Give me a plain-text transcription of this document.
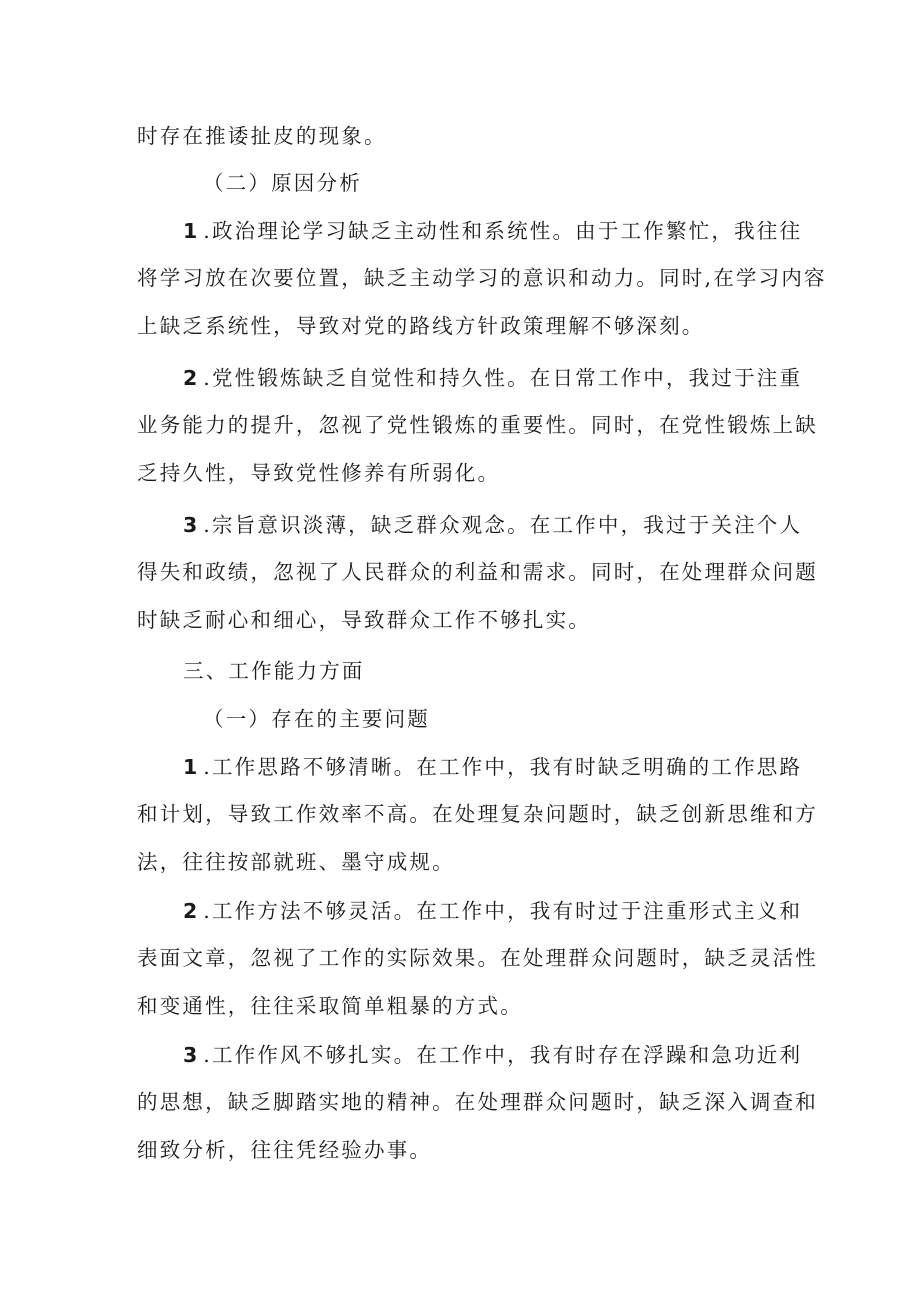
时存在推诿扯皮的现象。
（二）原因分析
1 .政治理论学习缺乏主动性和系统性。由于工作繁忙，我往往
将学习放在次要位置，缺乏主动学习的意识和动力。同时,在学习内容
上缺乏系统性，导致对党的路线方针政策理解不够深刻。
2 .党性锻炼缺乏自觉性和持久性。在日常工作中，我过于注重
业务能力的提升，忽视了党性锻炼的重要性。同时，在党性锻炼上缺
乏持久性，导致党性修养有所弱化。
3 .宗旨意识淡薄，缺乏群众观念。在工作中，我过于关注个人
得失和政绩，忽视了人民群众的利益和需求。同时，在处理群众问题
时缺乏耐心和细心，导致群众工作不够扎实。
三、工作能力方面
（一）存在的主要问题
1 .工作思路不够清晰。在工作中，我有时缺乏明确的工作思路
和计划，导致工作效率不高。在处理复杂问题时，缺乏创新思维和方
法，往往按部就班、墨守成规。
2 .工作方法不够灵活。在工作中，我有时过于注重形式主义和
表面文章，忽视了工作的实际效果。在处理群众问题时，缺乏灵活性
和变通性，往往采取简单粗暴的方式。
3 .工作作风不够扎实。在工作中，我有时存在浮躁和急功近利
的思想，缺乏脚踏实地的精神。在处理群众问题时，缺乏深入调查和
细致分析，往往凭经验办事。
